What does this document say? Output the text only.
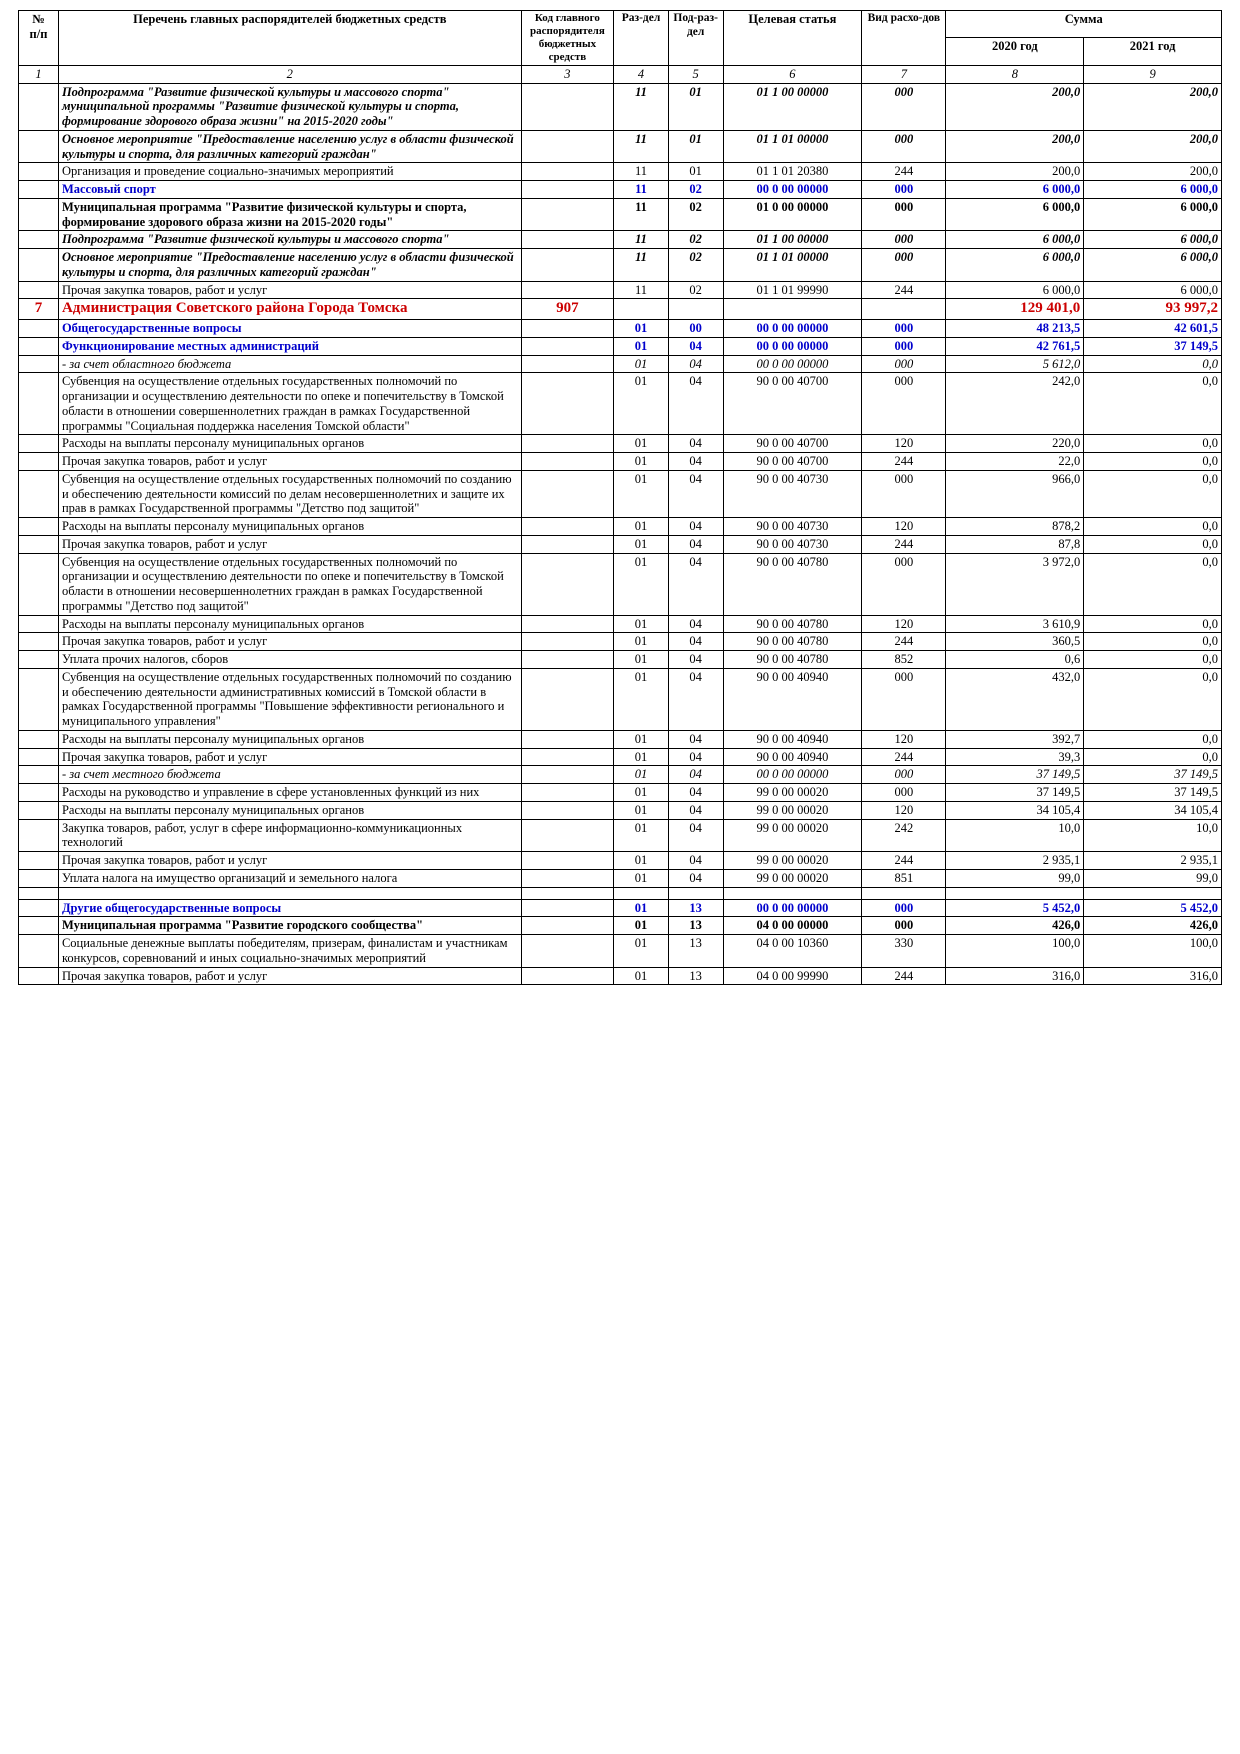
№
п/п	Перечень главных распорядителей бюджетных средств	Код главного распорядителя бюджетных средств	Раз-дел	Под-раз-дел	Целевая статья	Вид расхо-дов	Сумма	
							2020 год	2021 год
1	2	3	4	5	6	7	8	9
	Подпрограмма "Развитие физической культуры и массового спорта" муниципальной программы "Развитие физической культуры и спорта, формирование здорового образа жизни" на 2015-2020 годы"		11	01	01 1 00 00000	000	200,0	200,0
	Основное мероприятие "Предоставление населению услуг в области физической культуры и спорта, для различных категорий граждан"		11	01	01 1 01 00000	000	200,0	200,0
	Организация и проведение социально-значимых мероприятий		11	01	01 1 01 20380	244	200,0	200,0
	Массовый спорт		11	02	00 0 00 00000	000	6 000,0	6 000,0
	Муниципальная программа "Развитие физической культуры и спорта, формирование здорового образа жизни на 2015-2020 годы"		11	02	01 0 00 00000	000	6 000,0	6 000,0
	Подпрограмма "Развитие физической культуры и массового спорта"		11	02	01 1 00 00000	000	6 000,0	6 000,0
	Основное мероприятие "Предоставление населению услуг в области физической культуры и спорта, для различных категорий граждан"		11	02	01 1 01 00000	000	6 000,0	6 000,0
	Прочая закупка товаров, работ и услуг		11	02	01 1 01 99990	244	6 000,0	6 000,0
7	Администрация Советского района Города Томска	907					129 401,0	93 997,2
	Общегосударственные вопросы		01	00	00 0 00 00000	000	48 213,5	42 601,5
	Функционирование местных администраций		01	04	00 0 00 00000	000	42 761,5	37 149,5
	- за счет областного бюджета		01	04	00 0 00 00000	000	5 612,0	0,0
	Субвенция на осуществление отдельных государственных полномочий по организации и осуществлению деятельности по опеке и попечительству в Томской области в отношении совершеннолетних граждан в рамках Государственной программы "Социальная поддержка населения Томской области"		01	04	90 0 00 40700	000	242,0	0,0
	Расходы на выплаты персоналу муниципальных органов		01	04	90 0 00 40700	120	220,0	0,0
	Прочая закупка товаров, работ и услуг		01	04	90 0 00 40700	244	22,0	0,0
	Субвенция на осуществление отдельных государственных полномочий по созданию и обеспечению деятельности комиссий по делам несовершеннолетних и защите их прав в рамках Государственной программы "Детство под защитой"		01	04	90 0 00 40730	000	966,0	0,0
	Расходы на выплаты персоналу муниципальных органов		01	04	90 0 00 40730	120	878,2	0,0
	Прочая закупка товаров, работ и услуг		01	04	90 0 00 40730	244	87,8	0,0
	Субвенция на осуществление отдельных государственных полномочий по организации и осуществлению деятельности по опеке и попечительству в Томской области в отношении несовершеннолетних граждан в рамках Государственной программы "Детство под защитой"		01	04	90 0 00 40780	000	3 972,0	0,0
	Расходы на выплаты персоналу муниципальных органов		01	04	90 0 00 40780	120	3 610,9	0,0
	Прочая закупка товаров, работ и услуг		01	04	90 0 00 40780	244	360,5	0,0
	Уплата прочих налогов, сборов		01	04	90 0 00 40780	852	0,6	0,0
	Субвенция на осуществление отдельных государственных полномочий по созданию и обеспечению деятельности административных комиссий в Томской области в рамках Государственной программы "Повышение эффективности регионального и муниципального управления"		01	04	90 0 00 40940	000	432,0	0,0
	Расходы на выплаты персоналу муниципальных органов		01	04	90 0 00 40940	120	392,7	0,0
	Прочая закупка товаров, работ и услуг		01	04	90 0 00 40940	244	39,3	0,0
	- за счет местного бюджета		01	04	00 0 00 00000	000	37 149,5	37 149,5
	Расходы на руководство и управление в сфере установленных функций из них		01	04	99 0 00 00020	000	37 149,5	37 149,5
	Расходы на выплаты персоналу муниципальных органов		01	04	99 0 00 00020	120	34 105,4	34 105,4
	Закупка товаров, работ, услуг в сфере информационно-коммуникационных технологий		01	04	99 0 00 00020	242	10,0	10,0
	Прочая закупка товаров, работ и услуг		01	04	99 0 00 00020	244	2 935,1	2 935,1
	Уплата налога на имущество организаций и земельного налога		01	04	99 0 00 00020	851	99,0	99,0

	Другие общегосударственные вопросы		01	13	00 0 00 00000	000	5 452,0	5 452,0
	Муниципальная программа "Развитие городского сообщества"		01	13	04 0 00 00000	000	426,0	426,0
	Социальные денежные выплаты победителям, призерам, финалистам и участникам конкурсов, соревнований и иных социально-значимых мероприятий		01	13	04 0 00 10360	330	100,0	100,0
	Прочая закупка товаров, работ и услуг		01	13	04 0 00 99990	244	316,0	316,0
